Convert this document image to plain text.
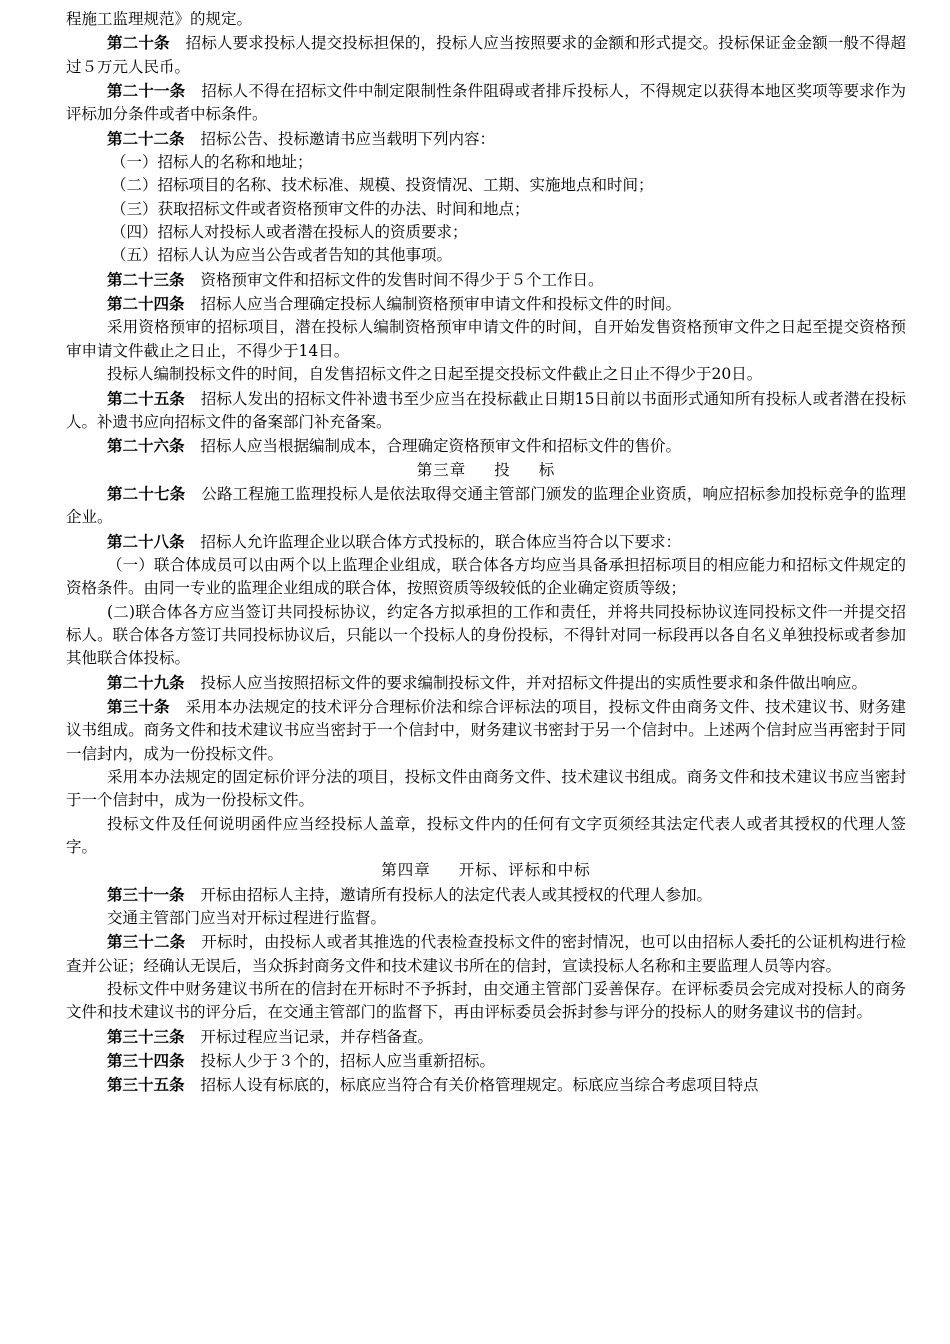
程施工监理规范》的规定。

第二十条 招标人要求投标人提交投标担保的，投标人应当按照要求的金额和形式提交。投标保证金金额一般不得超过５万元人民币。

第二十一条 招标人不得在招标文件中制定限制性条件阻碍或者排斥投标人，不得规定以获得本地区奖项等要求作为评标加分条件或者中标条件。

第二十二条 招标公告、投标邀请书应当载明下列内容：

（一）招标人的名称和地址；

（二）招标项目的名称、技术标准、规模、投资情况、工期、实施地点和时间；

（三）获取招标文件或者资格预审文件的办法、时间和地点；

（四）招标人对投标人或者潜在投标人的资质要求；

（五）招标人认为应当公告或者告知的其他事项。

第二十三条 资格预审文件和招标文件的发售时间不得少于５个工作日。

第二十四条 招标人应当合理确定投标人编制资格预审申请文件和投标文件的时间。

采用资格预审的招标项目，潜在投标人编制资格预审申请文件的时间，自开始发售资格预审文件之日起至提交资格预审申请文件截止之日止，不得少于14日。

投标人编制投标文件的时间，自发售招标文件之日起至提交投标文件截止之日止不得少于20日。

第二十五条 招标人发出的招标文件补遗书至少应当在投标截止日期15日前以书面形式通知所有投标人或者潜在投标人。补遗书应向招标文件的备案部门补充备案。

第二十六条 招标人应当根据编制成本，合理确定资格预审文件和招标文件的售价。

第三章 投 标

第二十七条 公路工程施工监理投标人是依法取得交通主管部门颁发的监理企业资质，响应招标参加投标竞争的监理企业。

第二十八条 招标人允许监理企业以联合体方式投标的，联合体应当符合以下要求：

（一）联合体成员可以由两个以上监理企业组成，联合体各方均应当具备承担招标项目的相应能力和招标文件规定的资格条件。由同一专业的监理企业组成的联合体，按照资质等级较低的企业确定资质等级；

(二)联合体各方应当签订共同投标协议，约定各方拟承担的工作和责任，并将共同投标协议连同投标文件一并提交招标人。联合体各方签订共同投标协议后，只能以一个投标人的身份投标，不得针对同一标段再以各自名义单独投标或者参加其他联合体投标。

第二十九条 投标人应当按照招标文件的要求编制投标文件，并对招标文件提出的实质性要求和条件做出响应。

第三十条 采用本办法规定的技术评分合理标价法和综合评标法的项目，投标文件由商务文件、技术建议书、财务建议书组成。商务文件和技术建议书应当密封于一个信封中，财务建议书密封于另一个信封中。上述两个信封应当再密封于同一信封内，成为一份投标文件。

采用本办法规定的固定标价评分法的项目，投标文件由商务文件、技术建议书组成。商务文件和技术建议书应当密封于一个信封中，成为一份投标文件。

投标文件及任何说明函件应当经投标人盖章，投标文件内的任何有文字页须经其法定代表人或者其授权的代理人签字。

第四章 开标、评标和中标

第三十一条 开标由招标人主持，邀请所有投标人的法定代表人或其授权的代理人参加。

交通主管部门应当对开标过程进行监督。

第三十二条 开标时，由投标人或者其推选的代表检查投标文件的密封情况，也可以由招标人委托的公证机构进行检查并公证；经确认无误后，当众拆封商务文件和技术建议书所在的信封，宣读投标人名称和主要监理人员等内容。

投标文件中财务建议书所在的信封在开标时不予拆封，由交通主管部门妥善保存。在评标委员会完成对投标人的商务文件和技术建议书的评分后，在交通主管部门的监督下，再由评标委员会拆封参与评分的投标人的财务建议书的信封。

第三十三条 开标过程应当记录，并存档备查。

第三十四条 投标人少于３个的，招标人应当重新招标。

第三十五条 招标人设有标底的，标底应当符合有关价格管理规定。标底应当综合考虑项目特点
